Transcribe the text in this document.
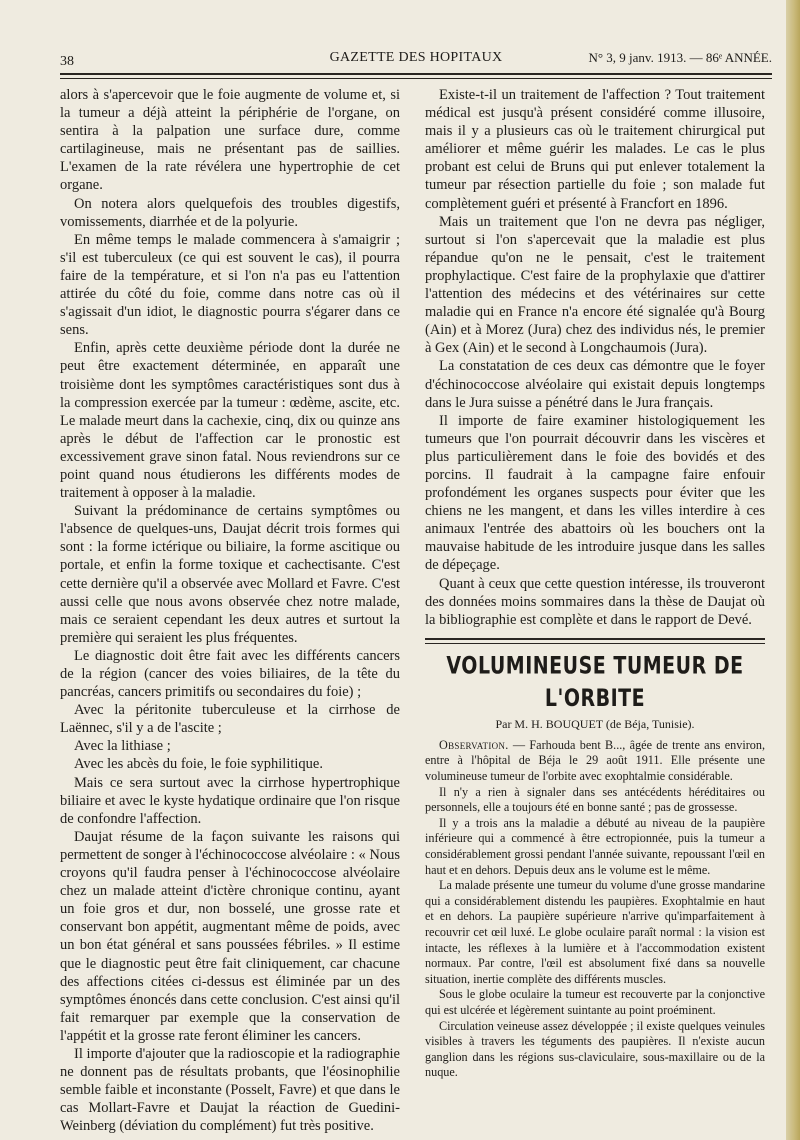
38	GAZETTE DES HOPITAUX	N° 3, 9 janv. 1913. — 86ᵉ ANNÉE.

alors à s'apercevoir que le foie augmente de volume et, si la tumeur a déjà atteint la périphérie de l'organe, on sentira à la palpation une surface dure, comme cartilagineuse, mais ne présentant pas de saillies. L'examen de la rate révélera une hypertrophie de cet organe.

On notera alors quelquefois des troubles digestifs, vomissements, diarrhée et de la polyurie.

En même temps le malade commencera à s'amaigrir ; s'il est tuberculeux (ce qui est souvent le cas), il pourra faire de la température, et si l'on n'a pas eu l'attention attirée du côté du foie, comme dans notre cas où il s'agissait d'un idiot, le diagnostic pourra s'égarer dans ce sens.

Enfin, après cette deuxième période dont la durée ne peut être exactement déterminée, en apparaît une troisième dont les symptômes caractéristiques sont dus à la compression exercée par la tumeur : œdème, ascite, etc. Le malade meurt dans la cachexie, cinq, dix ou quinze ans après le début de l'affection car le pronostic est excessivement grave sinon fatal. Nous reviendrons sur ce point quand nous étudierons les différents modes de traitement à opposer à la maladie.

Suivant la prédominance de certains symptômes ou l'absence de quelques-uns, Daujat décrit trois formes qui sont : la forme ictérique ou biliaire, la forme ascitique ou portale, et enfin la forme toxique et cachectisante. C'est cette dernière qu'il a observée avec Mollard et Favre. C'est aussi celle que nous avons observée chez notre malade, mais ce seraient cependant les deux autres et surtout la première qui seraient les plus fréquentes.

Le diagnostic doit être fait avec les différents cancers de la région (cancer des voies biliaires, de la tête du pancréas, cancers primitifs ou secondaires du foie) ;

Avec la péritonite tuberculeuse et la cirrhose de Laënnec, s'il y a de l'ascite ;

Avec la lithiase ;

Avec les abcès du foie, le foie syphilitique.

Mais ce sera surtout avec la cirrhose hypertrophique biliaire et avec le kyste hydatique ordinaire que l'on risque de confondre l'affection.

Daujat résume de la façon suivante les raisons qui permettent de songer à l'échinococcose alvéolaire : « Nous croyons qu'il faudra penser à l'échinococcose alvéolaire chez un malade atteint d'ictère chronique continu, ayant un foie gros et dur, non bosselé, une grosse rate et conservant bon appétit, augmentant même de poids, avec un bon état général et sans poussées fébriles. » Il estime que le diagnostic peut être fait cliniquement, car chacune des affections citées ci-dessus est éliminée par un des symptômes énoncés dans cette conclusion. C'est ainsi qu'il fait remarquer par exemple que la conservation de l'appétit et la grosse rate feront éliminer les cancers.

Il importe d'ajouter que la radioscopie et la radiographie ne donnent pas de résultats probants, que l'éosinophilie semble faible et inconstante (Posselt, Favre) et que dans le cas Mollart-Favre et Daujat la réaction de Guedini-Weinberg (déviation du complément) fut très positive.

Existe-t-il un traitement de l'affection ? Tout traitement médical est jusqu'à présent considéré comme illusoire, mais il y a plusieurs cas où le traitement chirurgical put améliorer et même guérir les malades. Le cas le plus probant est celui de Bruns qui put enlever totalement la tumeur par résection partielle du foie ; son malade fut complètement guéri et présenté à Francfort en 1896.

Mais un traitement que l'on ne devra pas négliger, surtout si l'on s'apercevait que la maladie est plus répandue qu'on ne le pensait, c'est le traitement prophylactique. C'est faire de la prophylaxie que d'attirer l'attention des médecins et des vétérinaires sur cette maladie qui en France n'a encore été signalée qu'à Bourg (Ain) et à Morez (Jura) chez des individus nés, le premier à Gex (Ain) et le second à Longchaumois (Jura).

La constatation de ces deux cas démontre que le foyer d'échinococcose alvéolaire qui existait depuis longtemps dans le Jura suisse a pénétré dans le Jura français.

Il importe de faire examiner histologiquement les tumeurs que l'on pourrait découvrir dans les viscères et plus particulièrement dans le foie des bovidés et des porcins. Il faudrait à la campagne faire enfouir profondément les organes suspects pour éviter que les chiens ne les mangent, et dans les villes interdire à ces animaux l'entrée des abattoirs où les bouchers ont la mauvaise habitude de les introduire jusque dans les salles de dépeçage.

Quant à ceux que cette question intéresse, ils trouveront des données moins sommaires dans la thèse de Daujat où la bibliographie est complète et dans le rapport de Devé.

VOLUMINEUSE TUMEUR DE L'ORBITE
Par M. H. BOUQUET (de Béja, Tunisie).

Observation. — Farhouda bent B..., âgée de trente ans environ, entre à l'hôpital de Béja le 29 août 1911. Elle présente une volumineuse tumeur de l'orbite avec exophtalmie considérable.

Il n'y a rien à signaler dans ses antécédents héréditaires ou personnels, elle a toujours été en bonne santé ; pas de grossesse.

Il y a trois ans la maladie a débuté au niveau de la paupière inférieure qui a commencé à être ectropionnée, puis la tumeur a considérablement grossi pendant l'année suivante, repoussant l'œil en haut et en dehors. Depuis deux ans le volume est le même.

La malade présente une tumeur du volume d'une grosse mandarine qui a considérablement distendu les paupières. Exophtalmie en haut et en dehors. La paupière supérieure n'arrive qu'imparfaitement à recouvrir cet œil luxé. Le globe oculaire paraît normal : la vision est intacte, les réflexes à la lumière et à l'accommodation existent normaux. Par contre, l'œil est absolument fixé dans sa nouvelle situation, inertie complète des différents muscles.

Sous le globe oculaire la tumeur est recouverte par la conjonctive qui est ulcérée et légèrement suintante au point proéminent.

Circulation veineuse assez développée ; il existe quelques veinules visibles à travers les téguments des paupières. Il n'existe aucun ganglion dans les régions sus-claviculaire, sous-maxillaire ou de la nuque.
